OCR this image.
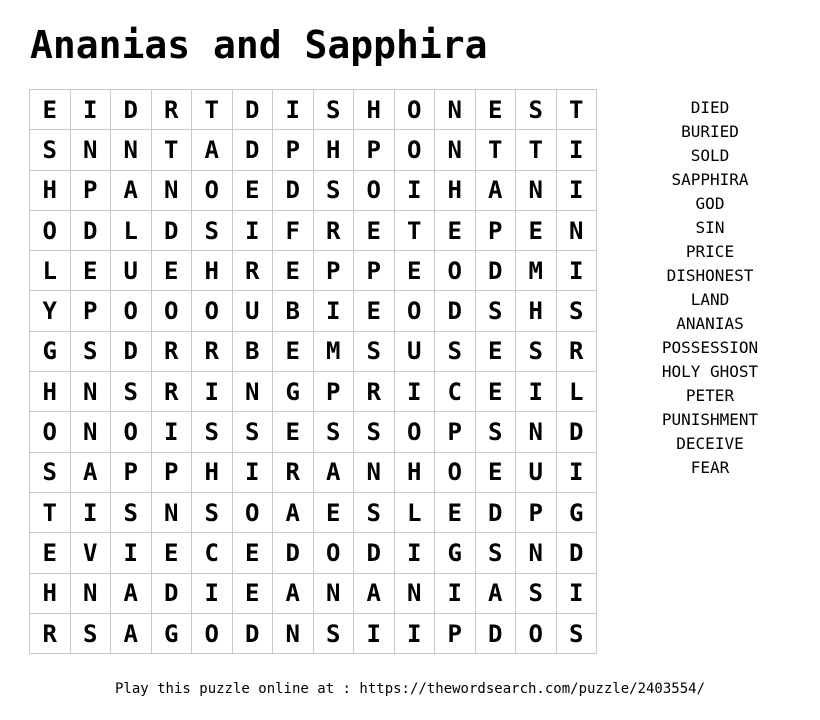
Ananias and Sapphira
E	I	D	R	T	D	I	S	H	O	N	E	S	T
S	N	N	T	A	D	P	H	P	O	N	T	T	I
H	P	A	N	O	E	D	S	O	I	H	A	N	I
O	D	L	D	S	I	F	R	E	T	E	P	E	N
L	E	U	E	H	R	E	P	P	E	O	D	M	I
Y	P	O	O	O	U	B	I	E	O	D	S	H	S
G	S	D	R	R	B	E	M	S	U	S	E	S	R
H	N	S	R	I	N	G	P	R	I	C	E	I	L
O	N	O	I	S	S	E	S	S	O	P	S	N	D
S	A	P	P	H	I	R	A	N	H	O	E	U	I
T	I	S	N	S	O	A	E	S	L	E	D	P	G
E	V	I	E	C	E	D	O	D	I	G	S	N	D
H	N	A	D	I	E	A	N	A	N	I	A	S	I
R	S	A	G	O	D	N	S	I	I	P	D	O	S
DIED
BURIED
SOLD
SAPPHIRA
GOD
SIN
PRICE
DISHONEST
LAND
ANANIAS
POSSESSION
HOLY GHOST
PETER
PUNISHMENT
DECEIVE
FEAR
Play this puzzle online at : https://thewordsearch.com/puzzle/2403554/
